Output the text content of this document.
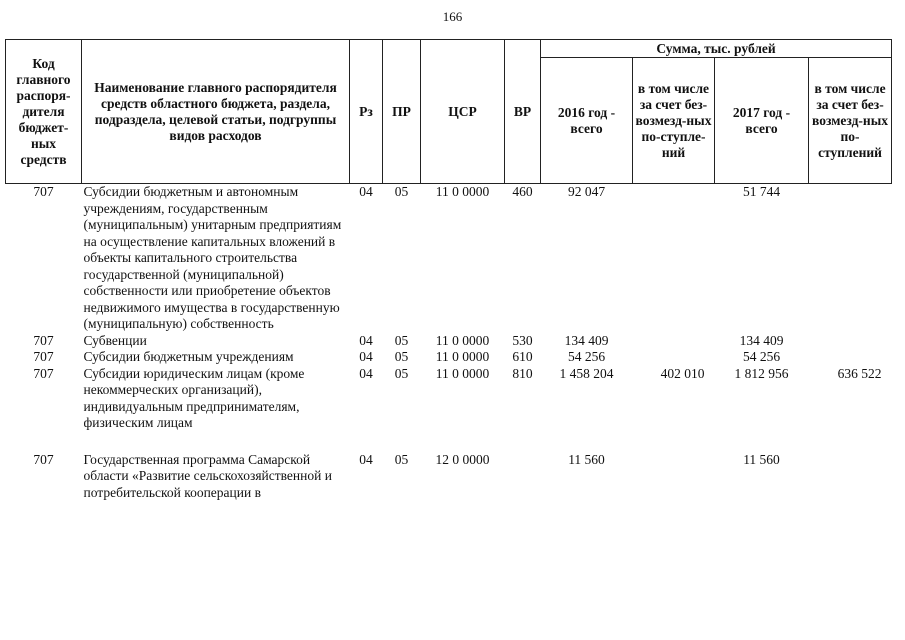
166
Код главного распоря-дителя бюджет-ных средств	Наименование главного распорядителя средств областного бюджета, раздела, подраздела, целевой статьи, подгруппы видов расходов	Рз	ПР	ЦСР	ВР	Сумма, тыс. рублей			
						2016 год - всего	в том числе за счет без-возмезд-ных по-ступле-ний	2017 год - всего	в том числе за счет без-возмезд-ных по-ступлений
707	Субсидии бюджетным и автономным учреждениям, государственным (муниципальным) унитарным предприятиям на осуществление капитальных вложений в объекты капитального строительства государственной (муниципальной) собственности или приобретение объектов недвижимого имущества в государственную (муниципальную) собственность	04	05	11 0 0000	460	92 047		51 744	
707	Субвенции	04	05	11 0 0000	530	134 409		134 409	
707	Субсидии бюджетным учреждениям	04	05	11 0 0000	610	54 256		54 256	
707	Субсидии юридическим лицам (кроме некоммерческих организаций), индивидуальным предпринимателям, физическим лицам	04	05	11 0 0000	810	1 458 204	402 010	1 812 956	636 522

707	Государственная программа Самарской области «Развитие сельскохозяйственной и потребительской кооперации в	04	05	12 0 0000		11 560		11 560	
